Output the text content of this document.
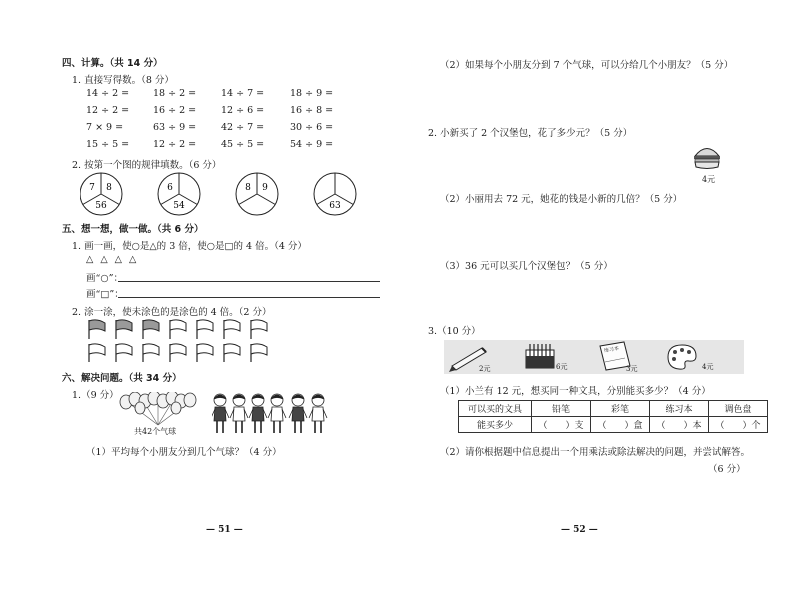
四、计算。（共 14 分）
1. 直接写得数。（8 分）
14 ÷ 2 =	18 ÷ 2 =	14 ÷ 7 =	18 ÷ 9 =
12 ÷ 2 =	16 ÷ 2 =	12 ÷ 6 =	16 ÷ 8 =
7 × 9 =	63 ÷ 9 =	42 ÷ 7 =	30 ÷ 6 =
15 ÷ 5 =	12 ÷ 2 =	45 ÷ 5 =	54 ÷ 9 =
2. 按第一个图的规律填数。（6 分）
7 8
56
6
54
8 9
63
五、想一想，做一做。（共 6 分）
1. 画一画，使○是△的 3 倍，使○是□的 4 倍。（4 分）
△ △ △ △
画“○”：
画“□”：
2. 涂一涂，使未涂色的是涂色的 4 倍。（2 分）
六、解决问题。（共 34 分）
1.（9 分）
共42个气球
（1）平均每个小朋友分到几个气球？（4 分）
— 51 —
（2）如果每个小朋友分到 7 个气球，可以分给几个小朋友？（5 分）
2. 小新买了 2 个汉堡包，花了多少元？（5 分）
4元
（2）小丽用去 72 元，她花的钱是小新的几倍？（5 分）
（3）36 元可以买几个汉堡包？（5 分）
3.（10 分）
2元	6元
练习本
3元	4元
（1）小兰有 12 元，想买同一种文具，分别能买多少？（4 分）
可以买的文具	铅笔	彩笔	练习本	调色盘
能买多少	（　　）支	（　　）盒	（　　）本	（　　）个
（2）请你根据题中信息提出一个用乘法或除法解决的问题，并尝试解答。
（6 分）
— 52 —
